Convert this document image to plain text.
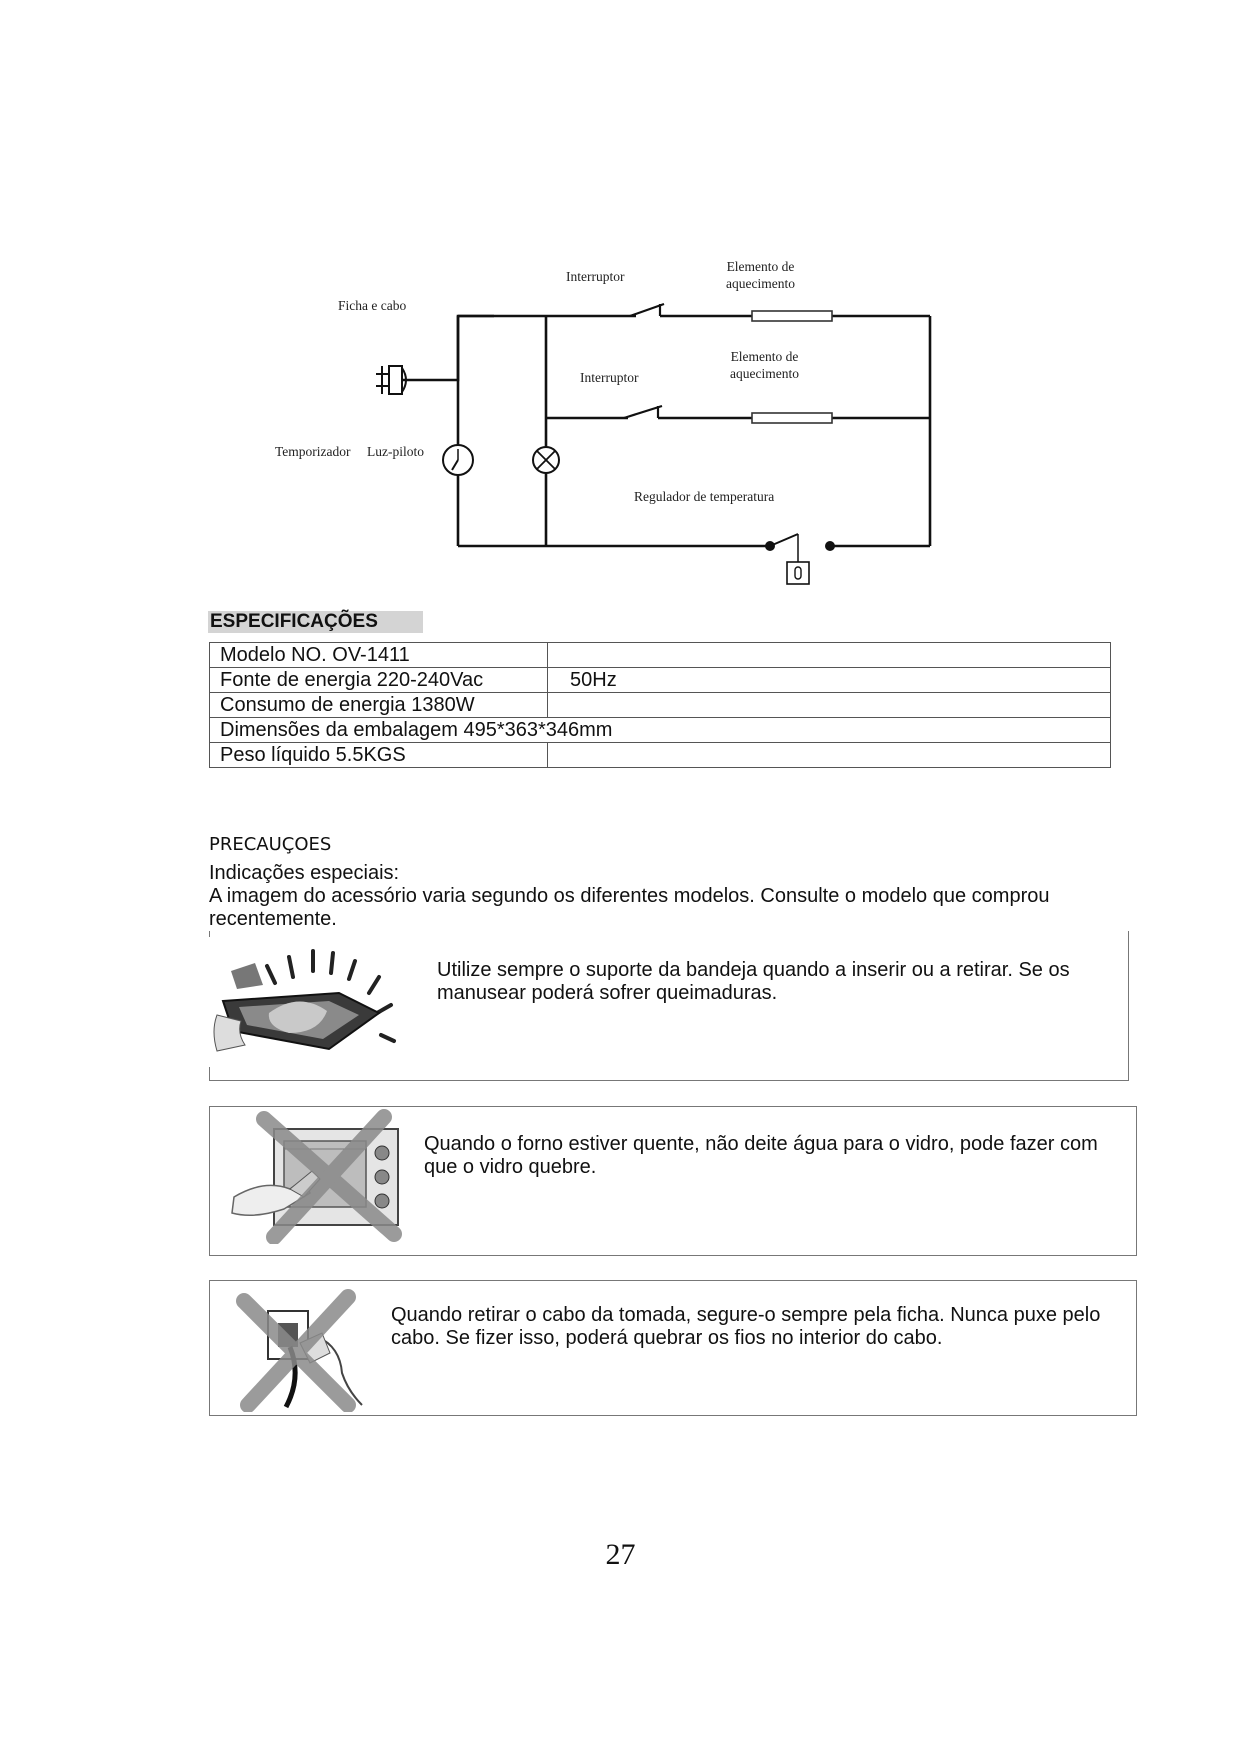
Interruptor
Elemento de
aquecimento
Ficha e cabo
Interruptor
Elemento de
aquecimento
Temporizador Luz-piloto
Regulador de temperatura
ESPECIFICAÇÕES
Modelo NO. OV-1411	
Fonte de energia 220-240Vac	50Hz
Consumo de energia 1380W	
Dimensões da embalagem 495*363*346mm	
Peso líquido 5.5KGS	
PRECAUÇOES
Indicações especiais:
A imagem do acessório varia segundo os diferentes modelos. Consulte o modelo que comprou recentemente.
Utilize sempre o suporte da bandeja quando a inserir ou a retirar. Se os manusear poderá sofrer queimaduras.
Quando o forno estiver quente, não deite água para o vidro, pode fazer com que o vidro quebre.
Quando retirar o cabo da tomada, segure-o sempre pela ficha. Nunca puxe pelo cabo. Se fizer isso, poderá quebrar os fios no interior do cabo.
27
